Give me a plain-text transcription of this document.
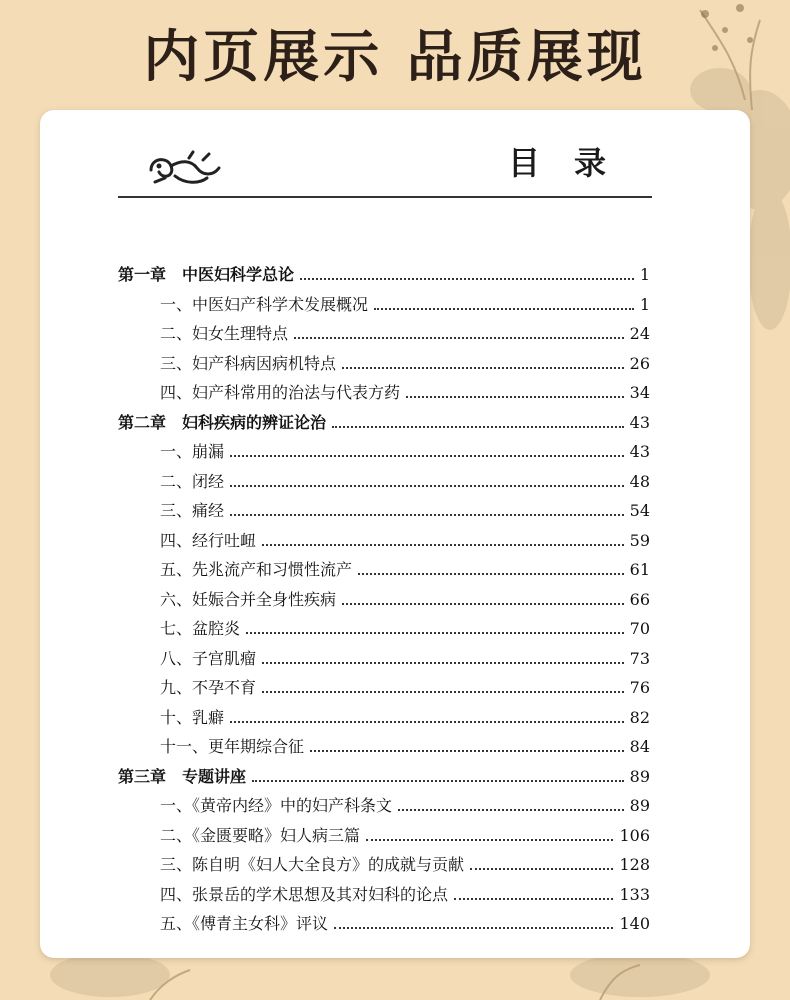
内页展示 品质展现
目录
第一章　中医妇科学总论	1
一、中医妇产科学术发展概况	1
二、妇女生理特点	24
三、妇产科病因病机特点	26
四、妇产科常用的治法与代表方药	34
第二章　妇科疾病的辨证论治	43
一、崩漏	43
二、闭经	48
三、痛经	54
四、经行吐衄	59
五、先兆流产和习惯性流产	61
六、妊娠合并全身性疾病	66
七、盆腔炎	70
八、子宫肌瘤	73
九、不孕不育	76
十、乳癖	82
十一、更年期综合征	84
第三章　专题讲座	89
一、《黄帝内经》中的妇产科条文	89
二、《金匮要略》妇人病三篇	106
三、陈自明《妇人大全良方》的成就与贡献	128
四、张景岳的学术思想及其对妇科的论点	133
五、《傅青主女科》评议	140
